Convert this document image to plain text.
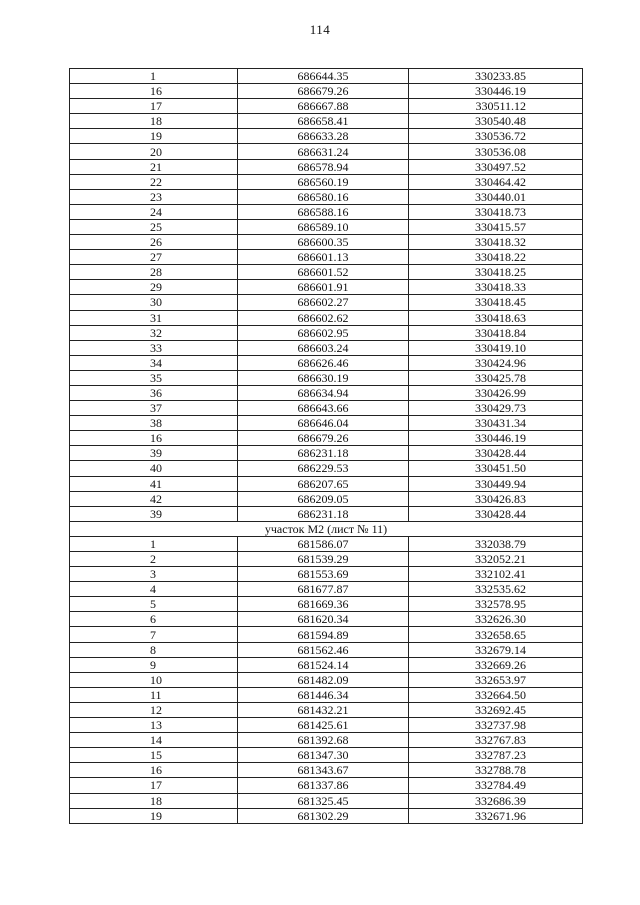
114
1	686644.35	330233.85
16	686679.26	330446.19
17	686667.88	330511.12
18	686658.41	330540.48
19	686633.28	330536.72
20	686631.24	330536.08
21	686578.94	330497.52
22	686560.19	330464.42
23	686580.16	330440.01
24	686588.16	330418.73
25	686589.10	330415.57
26	686600.35	330418.32
27	686601.13	330418.22
28	686601.52	330418.25
29	686601.91	330418.33
30	686602.27	330418.45
31	686602.62	330418.63
32	686602.95	330418.84
33	686603.24	330419.10
34	686626.46	330424.96
35	686630.19	330425.78
36	686634.94	330426.99
37	686643.66	330429.73
38	686646.04	330431.34
16	686679.26	330446.19
39	686231.18	330428.44
40	686229.53	330451.50
41	686207.65	330449.94
42	686209.05	330426.83
39	686231.18	330428.44
участок М2 (лист № 11)		
1	681586.07	332038.79
2	681539.29	332052.21
3	681553.69	332102.41
4	681677.87	332535.62
5	681669.36	332578.95
6	681620.34	332626.30
7	681594.89	332658.65
8	681562.46	332679.14
9	681524.14	332669.26
10	681482.09	332653.97
11	681446.34	332664.50
12	681432.21	332692.45
13	681425.61	332737.98
14	681392.68	332767.83
15	681347.30	332787.23
16	681343.67	332788.78
17	681337.86	332784.49
18	681325.45	332686.39
19	681302.29	332671.96
